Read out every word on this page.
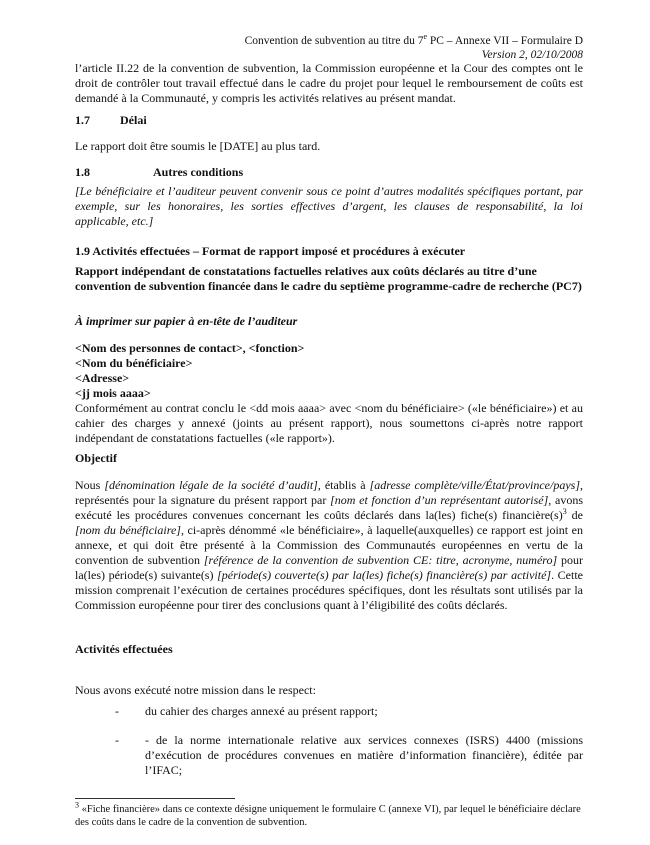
Convention de subvention au titre du 7e PC – Annexe VII – Formulaire D
Version 2, 02/10/2008
l’article II.22 de la convention de subvention, la Commission européenne et la Cour des comptes ont le droit de contrôler tout travail effectué dans le cadre du projet pour lequel le remboursement de coûts est demandé à la Communauté, y compris les activités relatives au présent mandat.
1.7	Délai
Le rapport doit être soumis le [DATE] au plus tard.
1.8	Autres conditions
[Le bénéficiaire et l’auditeur peuvent convenir sous ce point d’autres modalités spécifiques portant, par exemple, sur les honoraires, les sorties effectives d’argent, les clauses de responsabilité, la loi applicable, etc.]
1.9 Activités effectuées – Format de rapport imposé et procédures à exécuter
Rapport indépendant de constatations factuelles relatives aux coûts déclarés au titre d’une convention de subvention financée dans le cadre du septième programme-cadre de recherche (PC7)
À imprimer sur papier à en-tête de l’auditeur
<Nom des personnes de contact>, <fonction>
<Nom du bénéficiaire>
<Adresse>
<jj mois aaaa>
Conformément au contrat conclu le <dd mois aaaa> avec <nom du bénéficiaire> («le bénéficiaire») et au cahier des charges y annexé (joints au présent rapport), nous soumettons ci-après notre rapport indépendant de constatations factuelles («le rapport»).
Objectif
Nous [dénomination légale de la société d’audit], établis à [adresse complète/ville/État/province/pays], représentés pour la signature du présent rapport par [nom et fonction d’un représentant autorisé], avons exécuté les procédures convenues concernant les coûts déclarés dans la(les) fiche(s) $financière(s)^3$ de [nom du bénéficiaire], ci-après dénommé «le bénéficiaire», à laquelle(auxquelles) ce rapport est joint en annexe, et qui doit être présenté à la Commission des Communautés européennes en vertu de la convention de subvention [référence de la convention de subvention CE: titre, acronyme, numéro] pour la(les) période(s) suivante(s) [période(s) couverte(s) par la(les) fiche(s) financière(s) par activité]. Cette mission comprenait l’exécution de certaines procédures spécifiques, dont les résultats sont utilisés par la Commission européenne pour tirer des conclusions quant à l’éligibilité des coûts déclarés.
Activités effectuées
Nous avons exécuté notre mission dans le respect:
- du cahier des charges annexé au présent rapport;
- - de la norme internationale relative aux services connexes (ISRS) 4400 (missions d’exécution de procédures convenues en matière d’information financière), éditée par l’IFAC;
$^3$ «Fiche financière» dans ce contexte désigne uniquement le formulaire C (annexe VI), par lequel le bénéficiaire déclare des coûts dans le cadre de la convention de subvention.
